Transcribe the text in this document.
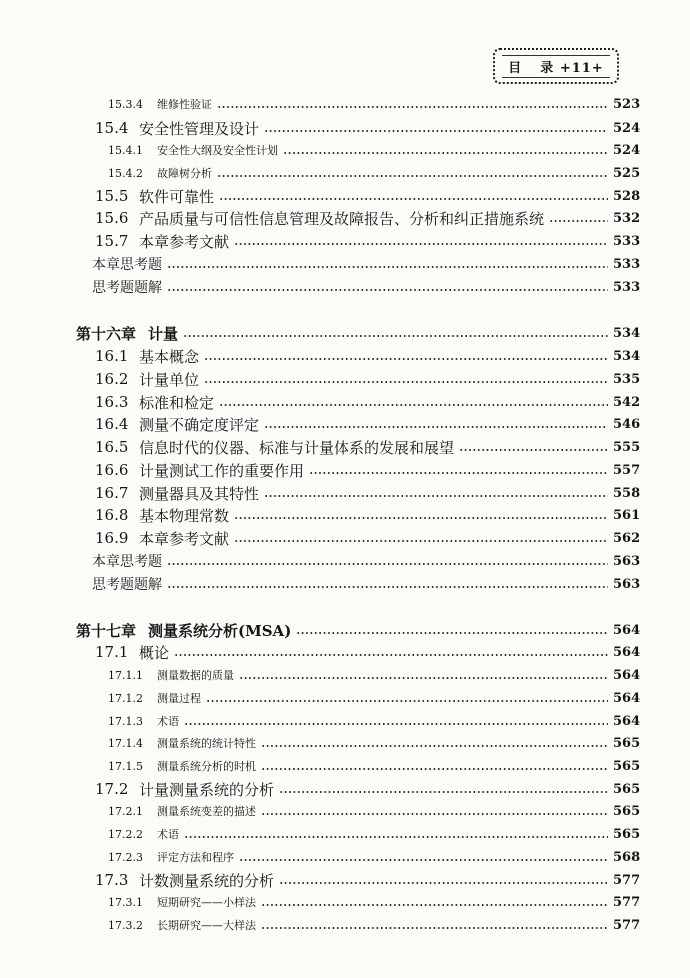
目 录 +11+
15.3.4	维修性验证	523
15.4 安全性管理及设计	524
15.4.1	安全性大纲及安全性计划	524
15.4.2	故障树分析	525
15.5 软件可靠性	528
15.6 产品质量与可信性信息管理及故障报告、分析和纠正措施系统	532
15.7 本章参考文献	533
本章思考题	533
思考题题解	533
第十六章 计量	534
16.1 基本概念	534
16.2 计量单位	535
16.3 标准和检定	542
16.4 测量不确定度评定	546
16.5 信息时代的仪器、标准与计量体系的发展和展望	555
16.6 计量测试工作的重要作用	557
16.7 测量器具及其特性	558
16.8 基本物理常数	561
16.9 本章参考文献	562
本章思考题	563
思考题题解	563
第十七章 测量系统分析(MSA)	564
17.1 概论	564
17.1.1	测量数据的质量	564
17.1.2	测量过程	564
17.1.3	术语	564
17.1.4	测量系统的统计特性	565
17.1.5	测量系统分析的时机	565
17.2 计量测量系统的分析	565
17.2.1	测量系统变差的描述	565
17.2.2	术语	565
17.2.3	评定方法和程序	568
17.3 计数测量系统的分析	577
17.3.1	短期研究——小样法	577
17.3.2	长期研究——大样法	577
